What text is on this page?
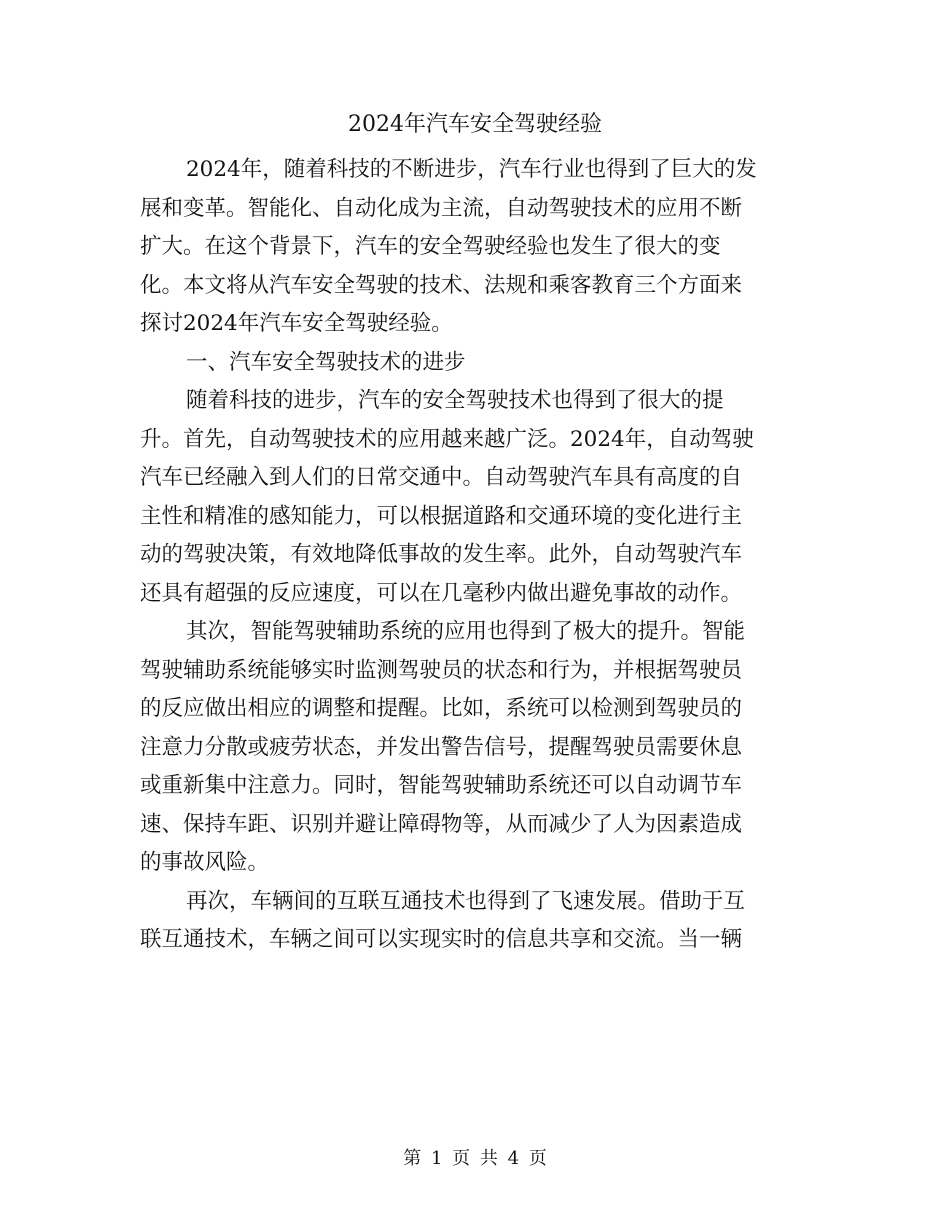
2024年汽车安全驾驶经验
2024年，随着科技的不断进步，汽车行业也得到了巨大的发
展和变革。智能化、自动化成为主流，自动驾驶技术的应用不断
扩大。在这个背景下，汽车的安全驾驶经验也发生了很大的变
化。本文将从汽车安全驾驶的技术、法规和乘客教育三个方面来
探讨2024年汽车安全驾驶经验。
一、汽车安全驾驶技术的进步
随着科技的进步，汽车的安全驾驶技术也得到了很大的提
升。首先，自动驾驶技术的应用越来越广泛。2024年，自动驾驶
汽车已经融入到人们的日常交通中。自动驾驶汽车具有高度的自
主性和精准的感知能力，可以根据道路和交通环境的变化进行主
动的驾驶决策，有效地降低事故的发生率。此外，自动驾驶汽车
还具有超强的反应速度，可以在几毫秒内做出避免事故的动作。
其次，智能驾驶辅助系统的应用也得到了极大的提升。智能
驾驶辅助系统能够实时监测驾驶员的状态和行为，并根据驾驶员
的反应做出相应的调整和提醒。比如，系统可以检测到驾驶员的
注意力分散或疲劳状态，并发出警告信号，提醒驾驶员需要休息
或重新集中注意力。同时，智能驾驶辅助系统还可以自动调节车
速、保持车距、识别并避让障碍物等，从而减少了人为因素造成
的事故风险。
再次，车辆间的互联互通技术也得到了飞速发展。借助于互
联互通技术，车辆之间可以实现实时的信息共享和交流。当一辆
第 1 页 共 4 页
